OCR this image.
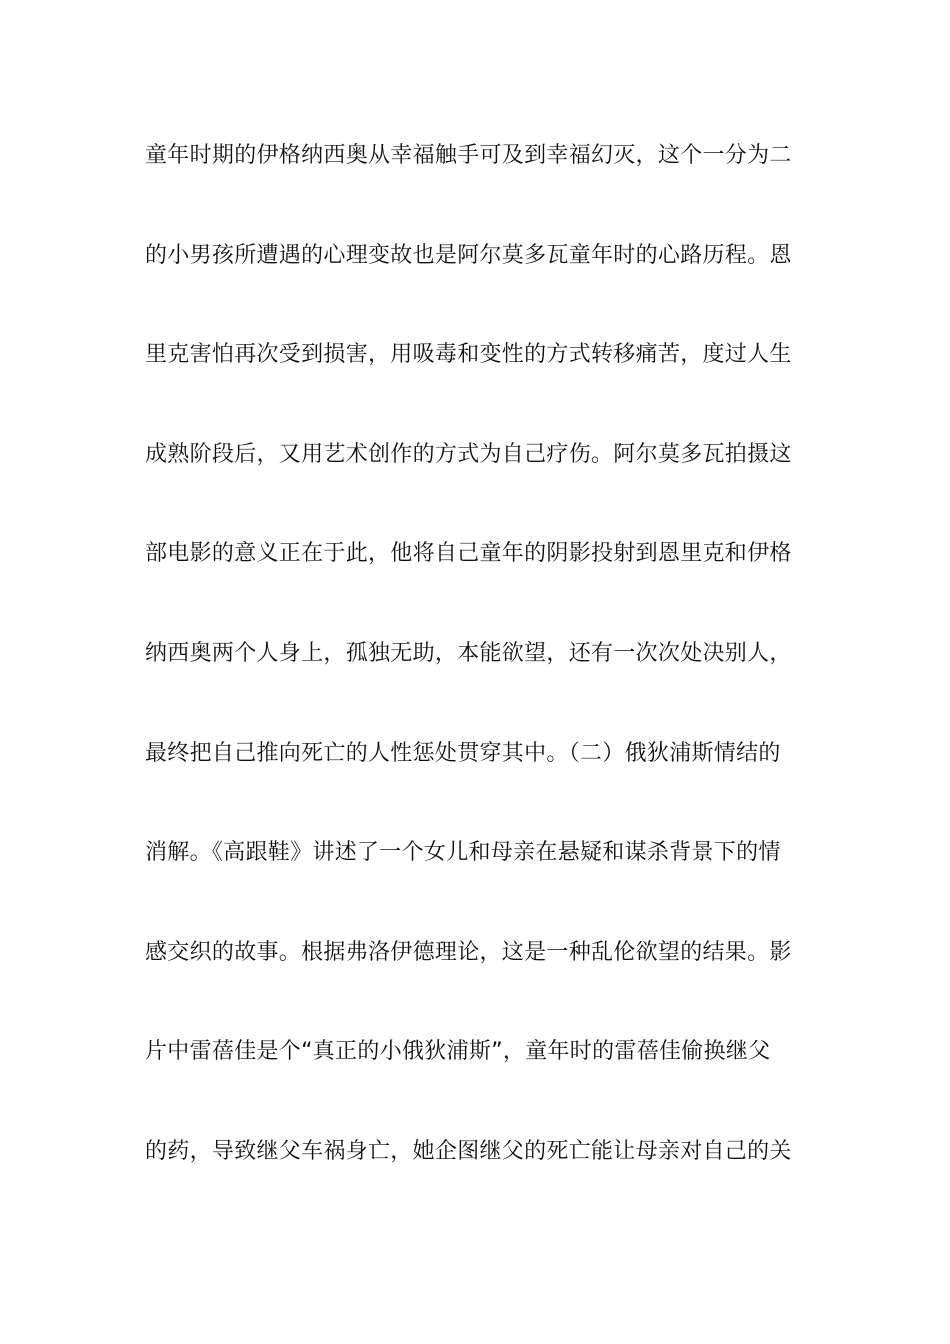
童年时期的伊格纳西奥从幸福触手可及到幸福幻灭，这个一分为二
的小男孩所遭遇的心理变故也是阿尔莫多瓦童年时的心路历程。恩
里克害怕再次受到损害，用吸毒和变性的方式转移痛苦，度过人生
成熟阶段后，又用艺术创作的方式为自己疗伤。阿尔莫多瓦拍摄这
部电影的意义正在于此，他将自己童年的阴影投射到恩里克和伊格
纳西奥两个人身上，孤独无助，本能欲望，还有一次次处决别人，
最终把自己推向死亡的人性惩处贯穿其中。（二）俄狄浦斯情结的
消解。《高跟鞋》讲述了一个女儿和母亲在悬疑和谋杀背景下的情
感交织的故事。根据弗洛伊德理论，这是一种乱伦欲望的结果。影
片中雷蓓佳是个“真正的小俄狄浦斯”，童年时的雷蓓佳偷换继父
的药，导致继父车祸身亡，她企图继父的死亡能让母亲对自己的关
